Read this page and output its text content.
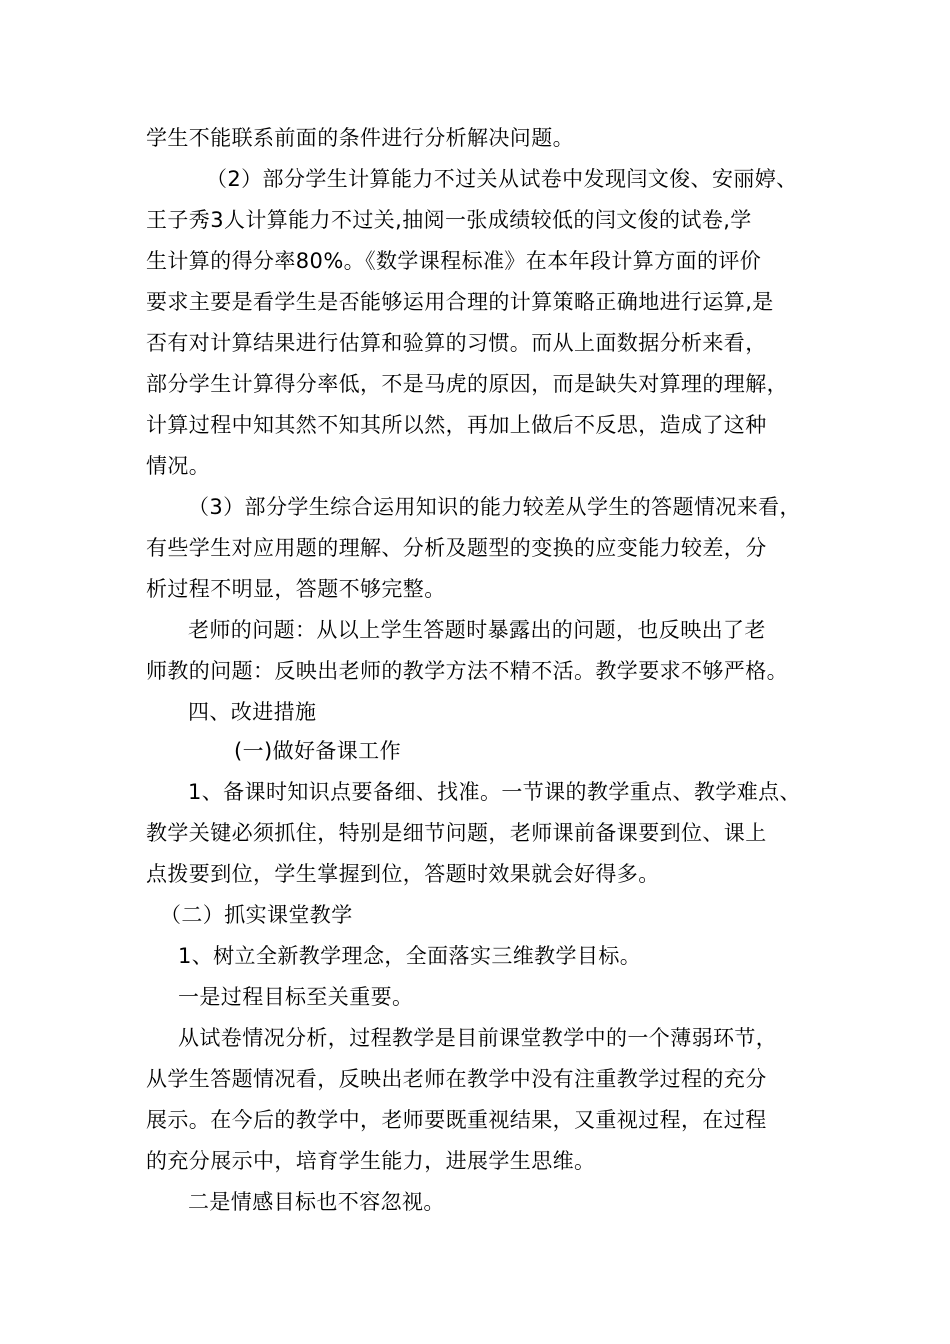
学生不能联系前面的条件进行分析解决问题。
（2）部分学生计算能力不过关从试卷中发现闫文俊、安丽婷、
王子秀3人计算能力不过关,抽阅一张成绩较低的闫文俊的试卷,学
生计算的得分率80%。《数学课程标准》在本年段计算方面的评价
要求主要是看学生是否能够运用合理的计算策略正确地进行运算,是
否有对计算结果进行估算和验算的习惯。而从上面数据分析来看，
部分学生计算得分率低，不是马虎的原因，而是缺失对算理的理解，
计算过程中知其然不知其所以然，再加上做后不反思，造成了这种
情况。
（3）部分学生综合运用知识的能力较差从学生的答题情况来看，
有些学生对应用题的理解、分析及题型的变换的应变能力较差，分
析过程不明显，答题不够完整。
老师的问题：从以上学生答题时暴露出的问题，也反映出了老
师教的问题：反映出老师的教学方法不精不活。教学要求不够严格。
四、改进措施
(一)做好备课工作
1、备课时知识点要备细、找准。一节课的教学重点、教学难点、
教学关键必须抓住，特别是细节问题，老师课前备课要到位、课上
点拨要到位，学生掌握到位，答题时效果就会好得多。
（二）抓实课堂教学
1、树立全新教学理念，全面落实三维教学目标。
一是过程目标至关重要。
从试卷情况分析，过程教学是目前课堂教学中的一个薄弱环节，
从学生答题情况看，反映出老师在教学中没有注重教学过程的充分
展示。在今后的教学中，老师要既重视结果，又重视过程，在过程
的充分展示中，培育学生能力，进展学生思维。
二是情感目标也不容忽视。
